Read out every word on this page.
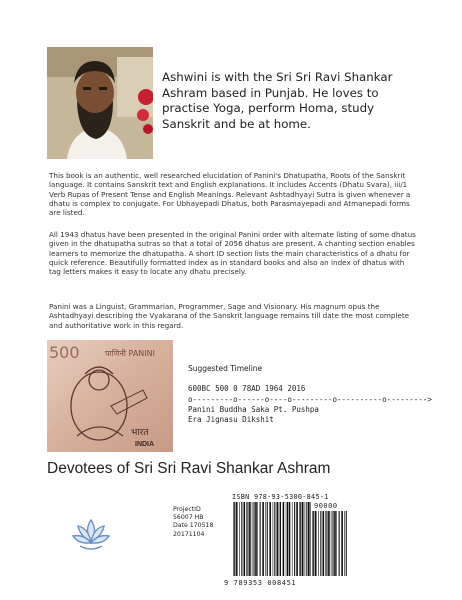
Ashwini is with the Sri Sri Ravi Shankar Ashram based in Punjab. He loves to practise Yoga, perform Homa, study Sanskrit and be at home.
This book is an authentic, well researched elucidation of Panini's Dhatupatha, Roots of the Sanskrit language. It contains Sanskrit text and English explanations. It includes Accents (Dhatu Svara), iii/1 Verb Rupas of Present Tense and English Meanings. Relevant Ashtadhyayi Sutra is given whenever a dhatu is complex to conjugate. For Ubhayepadi Dhatus, both Parasmayepadi and Atmanepadi forms are listed.
All 1943 dhatus have been presented in the original Panini order with alternate listing of some dhatus given in the dhatupatha sutras so that a total of 2056 dhatus are present. A chanting section enables learners to memorize the dhatupatha. A short ID section lists the main characteristics of a dhatu for quick reference. Beautifully formatted index as in standard books and also an index of dhatus with tag letters makes it easy to locate any dhatu precisely.
Panini was a Linguist, Grammarian, Programmer, Sage and Visionary. His magnum opus the Ashtadhyayi describing the Vyakarana of the Sanskrit language remains till date the most complete and authoritative work in this regard.
500	पाणिनी PANINI
भारत
INDIA
Suggested Timeline
600BC 500 0 78AD 1964 2016
o---------o------o----o---------o----------o--------->
Panini Buddha Saka Pt. Pushpa
Era Jignasu Dikshit
Devotees of Sri Sri Ravi Shankar Ashram
ProjectID
56007 HB
Date 170518
20171104
ISBN 978-93-5300-845-1
90000
9 789353 008451
